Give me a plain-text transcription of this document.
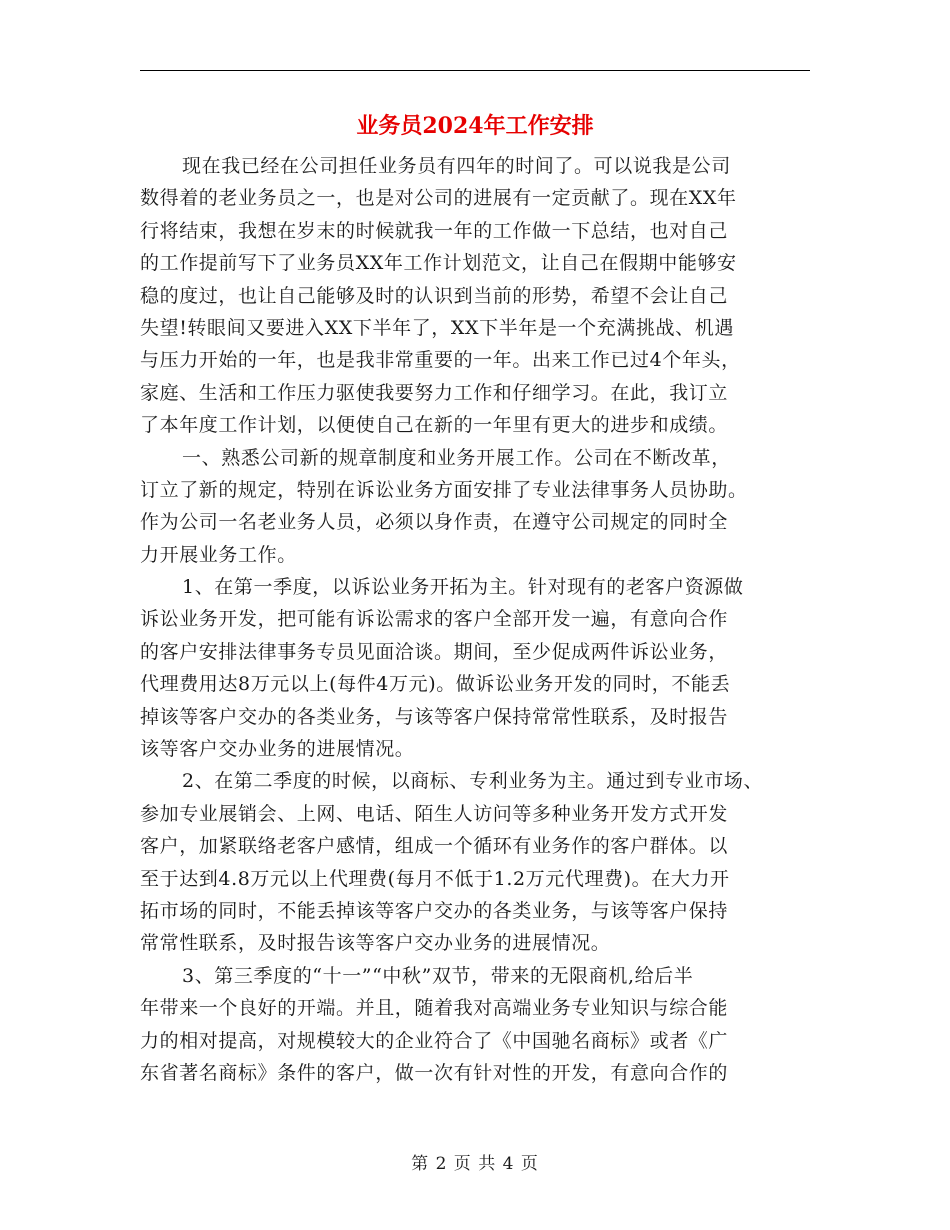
业务员2024年工作安排
现在我已经在公司担任业务员有四年的时间了。可以说我是公司
数得着的老业务员之一，也是对公司的进展有一定贡献了。现在XX年
行将结束，我想在岁末的时候就我一年的工作做一下总结，也对自己
的工作提前写下了业务员XX年工作计划范文，让自己在假期中能够安
稳的度过，也让自己能够及时的认识到当前的形势，希望不会让自己
失望!转眼间又要进入XX下半年了，XX下半年是一个充满挑战、机遇
与压力开始的一年，也是我非常重要的一年。出来工作已过4个年头，
家庭、生活和工作压力驱使我要努力工作和仔细学习。在此，我订立
了本年度工作计划，以便使自己在新的一年里有更大的进步和成绩。
一、熟悉公司新的规章制度和业务开展工作。公司在不断改革，
订立了新的规定，特别在诉讼业务方面安排了专业法律事务人员协助。
作为公司一名老业务人员，必须以身作责，在遵守公司规定的同时全
力开展业务工作。
1、在第一季度，以诉讼业务开拓为主。针对现有的老客户资源做
诉讼业务开发，把可能有诉讼需求的客户全部开发一遍，有意向合作
的客户安排法律事务专员见面洽谈。期间，至少促成两件诉讼业务，
代理费用达8万元以上(每件4万元)。做诉讼业务开发的同时，不能丢
掉该等客户交办的各类业务，与该等客户保持常常性联系，及时报告
该等客户交办业务的进展情况。
2、在第二季度的时候，以商标、专利业务为主。通过到专业市场、
参加专业展销会、上网、电话、陌生人访问等多种业务开发方式开发
客户，加紧联络老客户感情，组成一个循环有业务作的客户群体。以
至于达到4.8万元以上代理费(每月不低于1.2万元代理费)。在大力开
拓市场的同时，不能丢掉该等客户交办的各类业务，与该等客户保持
常常性联系，及时报告该等客户交办业务的进展情况。
3、第三季度的“十一”“中秋”双节，带来的无限商机,给后半
年带来一个良好的开端。并且，随着我对高端业务专业知识与综合能
力的相对提高，对规模较大的企业符合了《中国驰名商标》或者《广
东省著名商标》条件的客户，做一次有针对性的开发，有意向合作的
第 2 页 共 4 页
